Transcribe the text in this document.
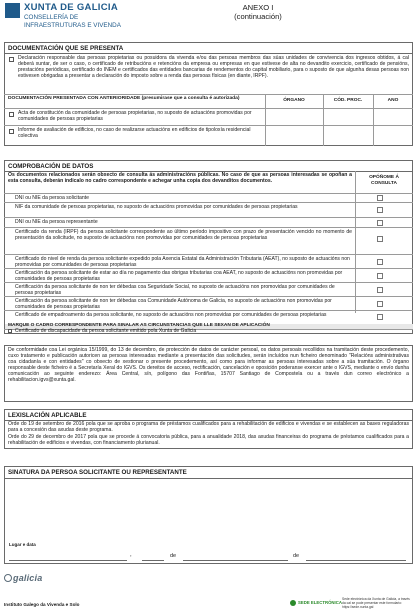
XUNTA DE GALICIA
CONSELLERÍA DE
INFRAESTRUTURAS E VIVENDA
ANEXO I
(continuación)
DOCUMENTACIÓN QUE SE PRESENTA
Declaración responsable das persoas propietarias ou posuidora da vivenda e/ou das persoas membros das súas unidades de convivencia dos ingresos obtidos, á cal deberá xuntar, de ser o caso, o certificado de retribucións e retencións da empresa ou empresas en que estivese de alta no devandito exercicio, certificado de pensións, prestacións periódicas, certificado do INEM e certificados das entidades bancarias de rendementos do capital mobiliario, para o suposto de que algunha desas persoas non estivesen obrigadas a presentar a declaración do imposto sobre a renda das persoas físicas (en diante, IRPF).
DOCUMENTACIÓN PRESENTADA CON ANTERIORIDADE (presumirase que a consulta é autorizada)	ÓRGANO	CÓD. PROC.	ANO
Acta de constitución da comunidade de persoas propietarias, no suposto de actuacións promovidas por comunidades de persoas propietarias
Informe de avaliación de edificios, no caso de realizarse actuacións en edificios de tipoloxía residencial colectiva
COMPROBACIÓN DE DATOS
Os documentos relacionados serán obxecto de consulta ás administracións públicas. No caso de que as persoas interesadas se opoñan a esta consulta, deberán indicalo no cadro correspondente e achegar unha copia dos devanditos documentos.
OPÓÑOME Á CONSULTA
DNI ou NIE da persoa solicitante
NIF da comunidade de persoas propietarias, no suposto de actuacións promovidas por comunidades de persoas propietarias
DNI ou NIE da persoa representante
Certificado da renda (IRPF) da persoa solicitante correspondente ao último período impositivo con prazo de presentación vencido no momento de presentación da solicitude, no suposto de actuacións non promovidas por comunidades de persoas propietarias
Certificado do nivel de renda da persoa solicitante expedido pola Axencia Estatal da Administración Tributaria (AEAT), no suposto de actuacións non promovidas por comunidades de persoas propietarias
Certificación da persoa solicitante de estar ao día no pagamento das obrigas tributarias coa AEAT, no suposto de actuacións non promovidas por comunidades de persoas propietarias
Certificación da persoa solicitante de non ter débedas coa Seguridade Social, no suposto de actuacións non promovidas por comunidades de persoas propietarias
Certificación da persoa solicitante de non ter débedas coa Comunidade Autónoma de Galicia, no suposto de actuacións non promovidas por comunidades de persoas propietarias
Certificado de empadroamento da persoa solicitante, no suposto de actuacións non promovidas por comunidades de persoas propietarias
MARQUE O CADRO CORRESPONDENTE PARA SINALAR AS CIRCUNSTANCIAS QUE LLE SEXAN DE APLICACIÓN
Certificado de discapacidade da persoa solicitante emitido pola Xunta de Galicia
De conformidade coa Lei orgánica 15/1999, do 13 de decembro, de protección de datos de carácter persoal, os datos persoais recollidos na tramitación deste procedemento, cuxo tratamento e publicación autoricen as persoas interesadas mediante a presentación das solicitudes, serán incluídos nun ficheiro denominado "Relacións administrativas coa cidadanía e con entidades" co obxecto de xestionar o presente procedemento, así como para informar as persoas interesadas sobre a súa tramitación. O órgano responsable deste ficheiro é a Secretaría Xeral do IGVS. Os dereitos de acceso, rectificación, cancelación e oposición poderanse exercer ante o IGVS, mediante o envío dunha comunicación ao seguinte enderezo: Área Central, s/n, polígono das Fontiñas, 15707 Santiago de Compostela ou a través dun correo electrónico a rehabilitacion.igvs@xunta.gal.
LEXISLACIÓN APLICABLE
Orde do 19 de setembro de 2016 pola que se aproba o programa de préstamos cualificados para a rehabilitación de edificios e vivendas e se establecen as bases reguladoras para a concesión das axudas deste programa.
Orde do 29 de decembro de 2017 pola que se procede á convocatoria pública, para a anualidade 2018, das axudas financeiras do programa de préstamos cualificados para a rehabilitación de edificios e vivendas, con financiamento plurianual.
SINATURA DA PERSOA SOLICITANTE OU REPRESENTANTE
Lugar e data
,	de	de
galicia
Instituto Galego da Vivenda e Solo	SEDE ELECTRÓNICA
Sede electrónica da Xunta de Galicia, a través da cal se pode presentar este formulario: https://sede.xunta.gal
